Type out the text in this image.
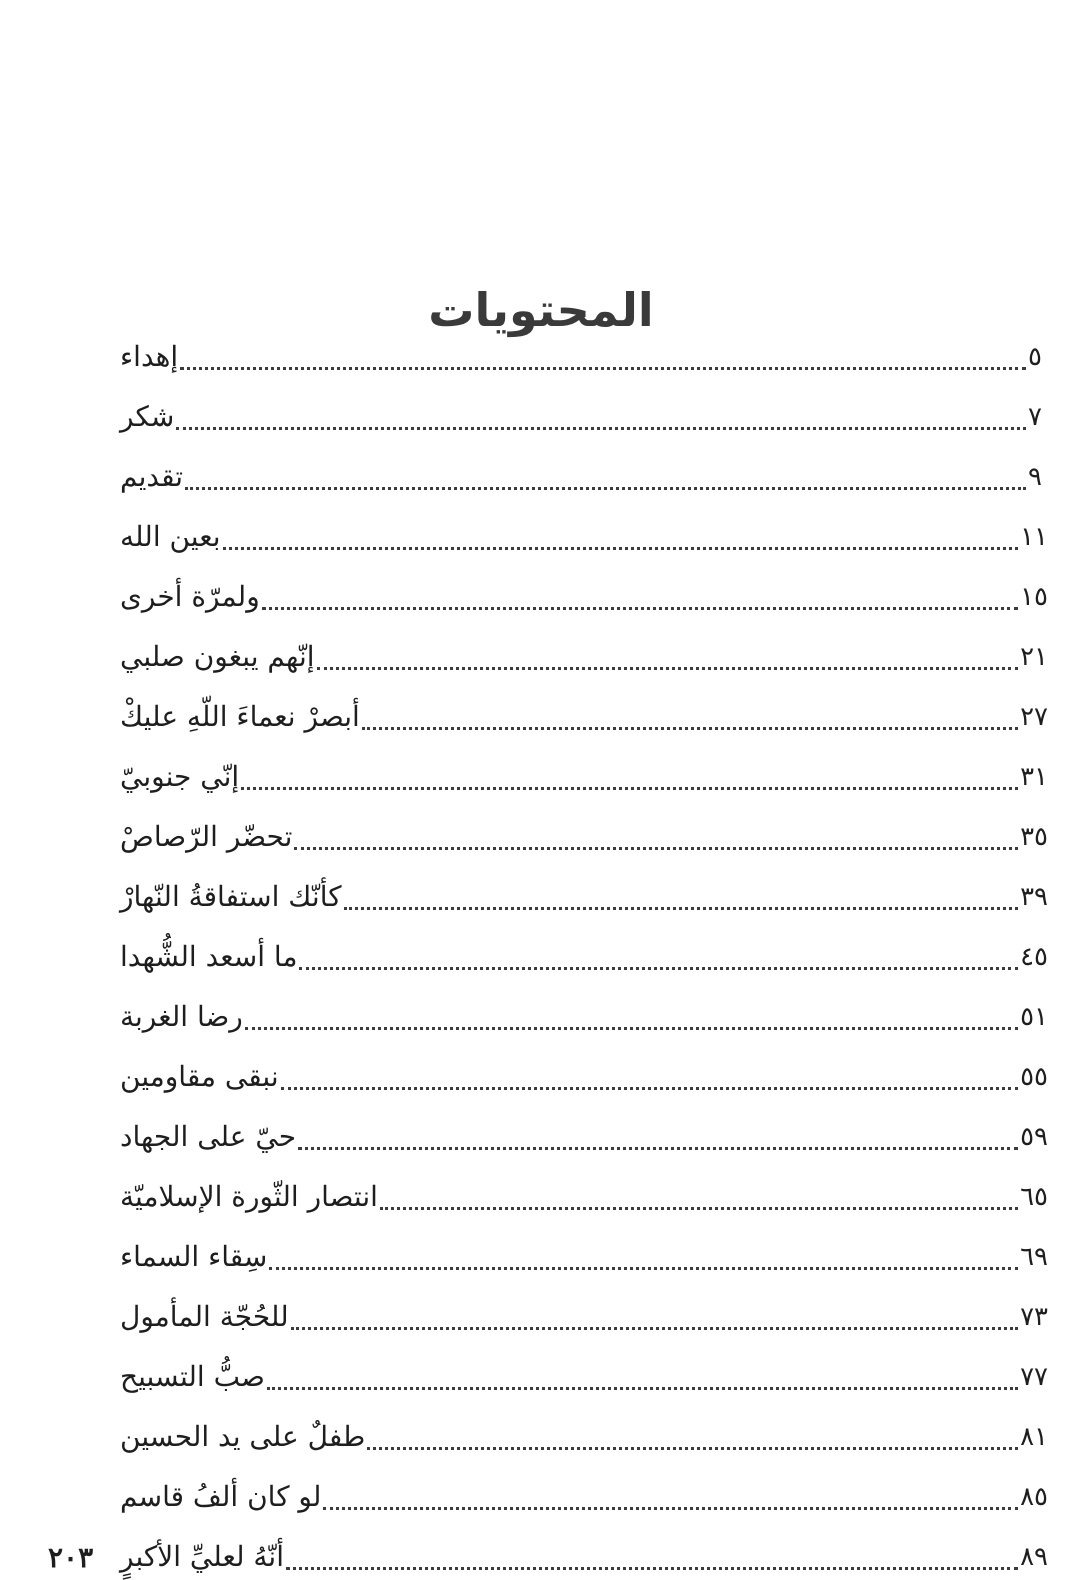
المحتويات
إهداء	٥
شكر	٧
تقديم	٩
بعين الله	١١
ولمرّة أخرى	١٥
إنّهم يبغون صلبي	٢١
أبصرْ نعماءَ اللّهِ عليكْ	٢٧
إنّي جنوبيّ	٣١
تحضّر الرّصاصْ	٣٥
كأنّك استفاقةُ النّهارْ	٣٩
ما أسعد الشُّهدا	٤٥
رضا الغربة	٥١
نبقى مقاومين	٥٥
حيّ على الجهاد	٥٩
انتصار الثّورة الإسلاميّة	٦٥
سِقاء السماء	٦٩
للحُجّة المأمول	٧٣
صبُّ التسبيح	٧٧
طفلٌ على يد الحسين	٨١
لو كان ألفُ قاسم	٨٥
أنّهُ لعليِّ الأكبرٍ	٨٩
٢٠٣
